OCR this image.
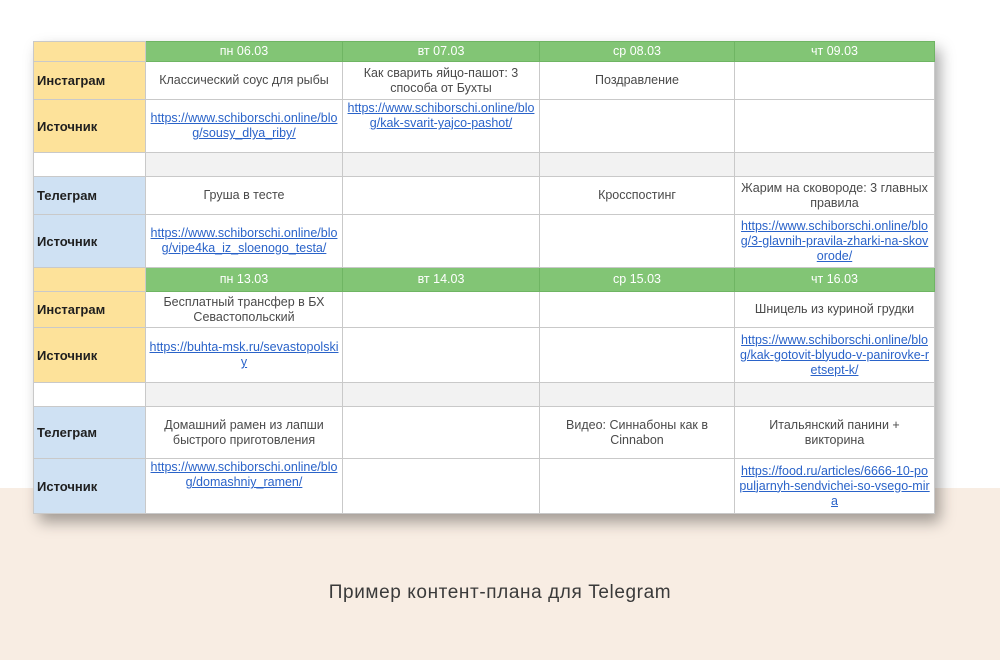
	пн 06.03	вт 07.03	ср 08.03	чт 09.03
Инстаграм	Классический соус для рыбы	Как сварить яйцо-пашот: 3 способа от Бухты	Поздравление	
Источник	https://www.schiborschi.online/blog/sousy_dlya_riby/	https://www.schiborschi.online/blog/kak-svarit-yajco-pashot/		

Телеграм	Груша в тесте		Кросспостинг	Жарим на сковороде: 3 главных правила
Источник	https://www.schiborschi.online/blog/vipe4ka_iz_sloenogo_testa/			https://www.schiborschi.online/blog/3-glavnih-pravila-zharki-na-skovorode/
	пн 13.03	вт 14.03	ср 15.03	чт 16.03
Инстаграм	Бесплатный трансфер в БХ Севастопольский			Шницель из куриной грудки
Источник	https://buhta-msk.ru/sevastopolskiy			https://www.schiborschi.online/blog/kak-gotovit-blyudo-v-panirovke-retsept-k/

Телеграм	Домашний рамен из лапши быстрого приготовления		Видео: Синнабоны как в Cinnabon	Итальянский панини + викторина
Источник	https://www.schiborschi.online/blog/domashniy_ramen/			https://food.ru/articles/6666-10-populjarnyh-sendvichei-so-vsego-mira
Пример контент-плана для Telegram
